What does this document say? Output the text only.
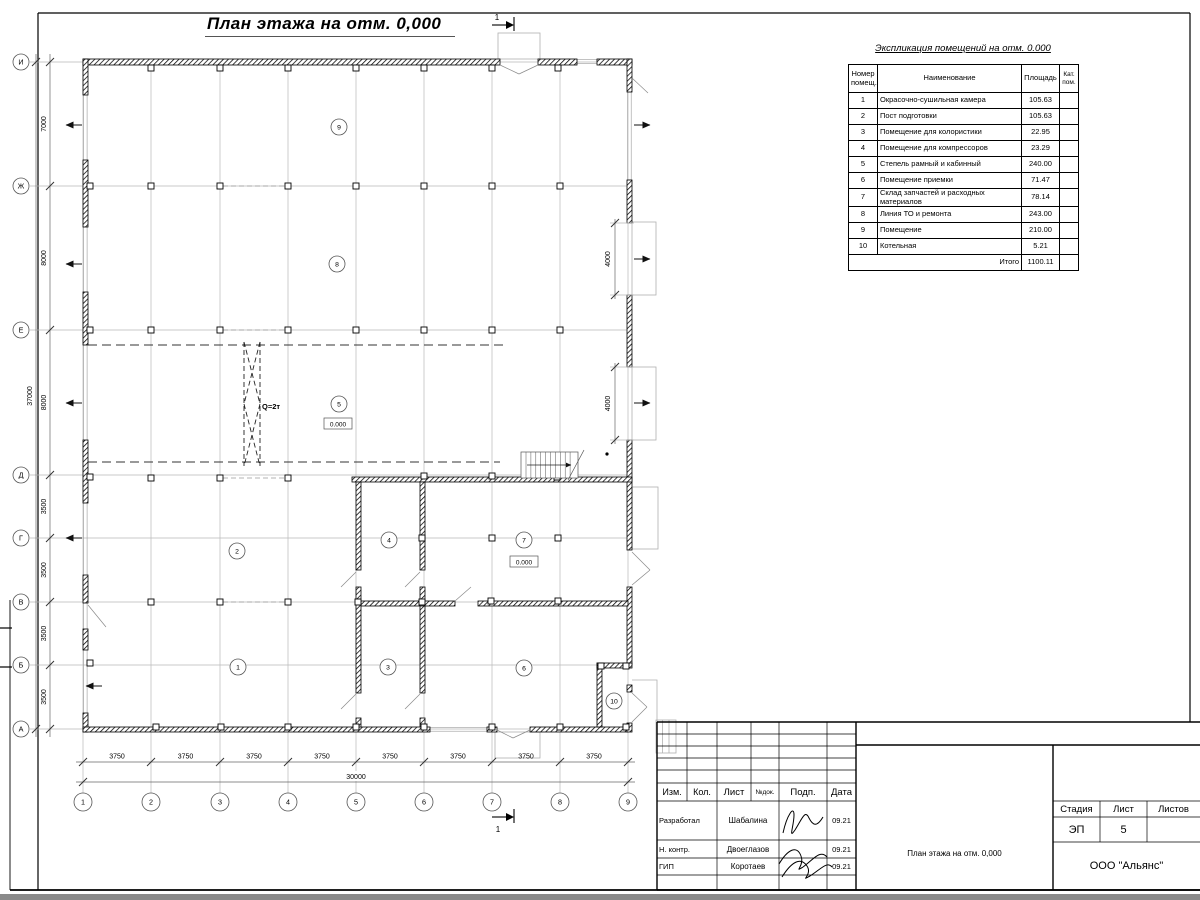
3750	3750	3750	3750	3750	3750	3750	3750
30000
7000
8000
8000
3500
3500
3500
3500
37000
4000
4000
И
Ж
Е
Д
Г
В
Б
А
1	2	3	4	5	6	7	8	9
1
2
3
4
5
6
7
8
9
10
0.000
0.000
Q=2т
1
1
План этажа на отм. 0,000
Экспликация помещений на отм. 0.000
Номер помещ.	Наименование	Площадь	Кат. пом.
1	Окрасочно-сушильная камера	105.63	
2	Пост подготовки	105.63	
3	Помещение для колористики	22.95	
4	Помещение для компрессоров	23.29	
5	Степель рамный и кабинный	240.00	
6	Помещение приемки	71.47	
7	Склад запчастей и расходных материалов	78.14	
8	Линия ТО и ремонта	243.00	
9	Помещение	210.00	
10	Котельная	5.21	
Итого		1100.11	
Изм.	Кол.	Лист	№док.	Подп.	Дата
Разработал	Шабалина	09.21
Н. контр.	Двоеглазов	09.21
ГИП	Коротаев	09.21
План этажа на отм. 0,000
Стадия	Лист	Листов
ЭП	5
ООО "Альянс"
